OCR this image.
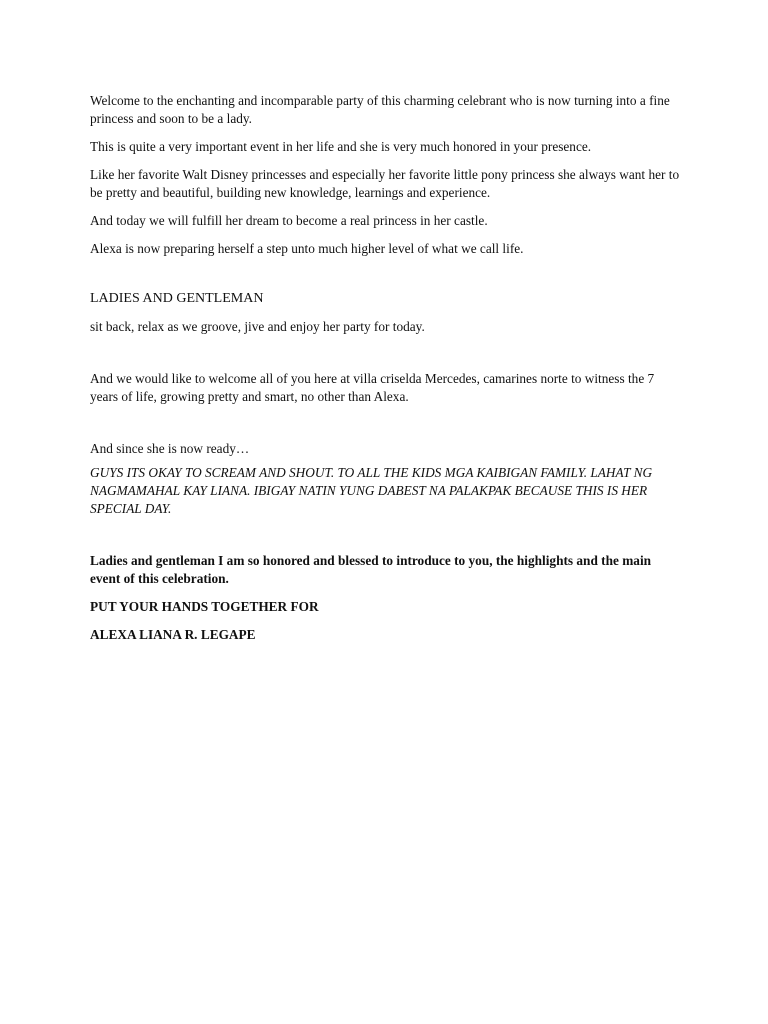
Welcome to the enchanting and incomparable party of this charming celebrant who is now turning into a fine princess and soon to be a lady.

This is quite a very important event in her life and she is very much honored in your presence.

Like her favorite Walt Disney princesses and especially her favorite little pony princess she always want her to be pretty and beautiful, building new knowledge, learnings and experience.

And today we will fulfill her dream to become a real princess in her castle.

Alexa is now preparing herself a step unto much higher level of what we call life.

LADIES AND GENTLEMAN

sit back, relax as we groove, jive and enjoy her party for today.

And we would like to welcome all of you here at villa criselda Mercedes, camarines norte to witness the 7 years of life, growing pretty and smart, no other than Alexa.

And since she is now ready…

GUYS ITS OKAY TO SCREAM AND SHOUT. TO ALL THE KIDS MGA KAIBIGAN FAMILY. LAHAT NG NAGMAMAHAL KAY LIANA. IBIGAY NATIN YUNG DABEST NA PALAKPAK BECAUSE THIS IS HER SPECIAL DAY.

Ladies and gentleman I am so honored and blessed to introduce to you, the highlights and the main event of this celebration.

PUT YOUR HANDS TOGETHER FOR

ALEXA LIANA R. LEGAPE
